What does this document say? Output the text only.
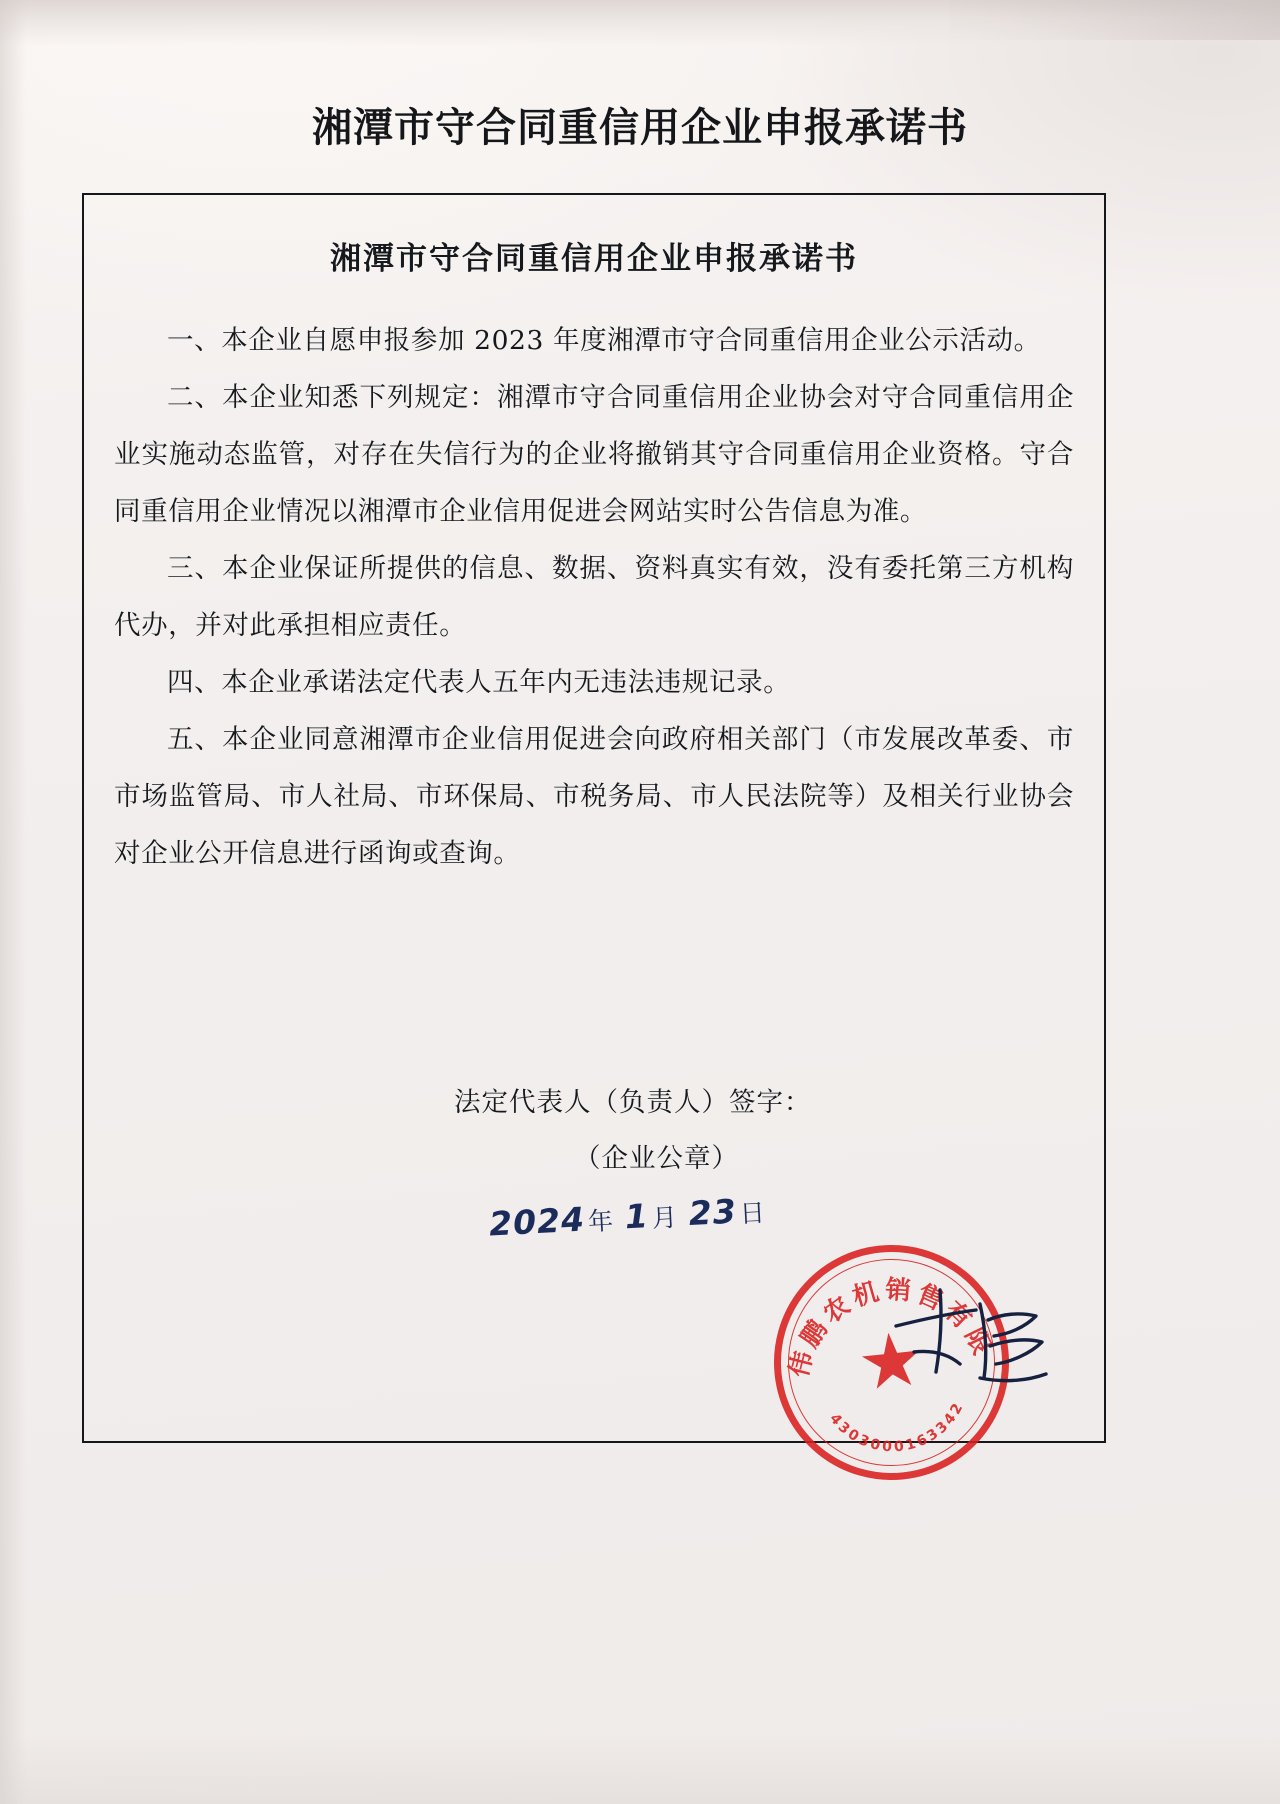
湘潭市守合同重信用企业申报承诺书
湘潭市守合同重信用企业申报承诺书

一、本企业自愿申报参加 2023 年度湘潭市守合同重信用企业公示活动。

二、本企业知悉下列规定：湘潭市守合同重信用企业协会对守合同重信用企业实施动态监管，对存在失信行为的企业将撤销其守合同重信用企业资格。守合同重信用企业情况以湘潭市企业信用促进会网站实时公告信息为准。

三、本企业保证所提供的信息、数据、资料真实有效，没有委托第三方机构代办，并对此承担相应责任。

四、本企业承诺法定代表人五年内无违法违规记录。

五、本企业同意湘潭市企业信用促进会向政府相关部门（市发展改革委、市市场监管局、市人社局、市环保局、市税务局、市人民法院等）及相关行业协会对企业公开信息进行函询或查询。

法定代表人（负责人）签字：
（企业公章）
2024年 1月 23日
湘潭伟鹏农机销售有限公司
4303000163342
